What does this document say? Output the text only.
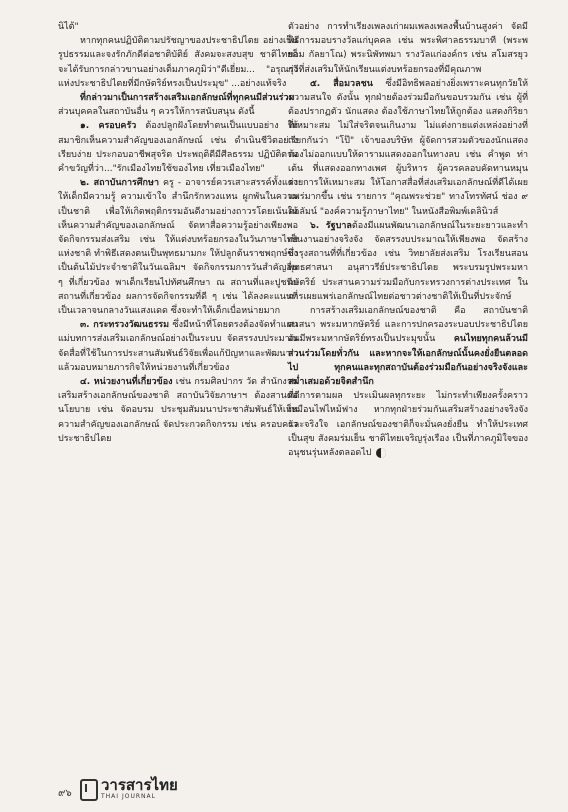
นิไต้"

หากทุกคนปฏิบัติตามปรัชญาของประชาธิปไตย อย่างเป็นรูปธรรมและจงรักภักดีต่อชาติบัติย์ สังคมจะสงบสุข ชาติไทยก็จะได้รับการกล่าวขานอย่างเต็มภาคภูมิว่า"ดีเยี่ยม... "อรุณรุ่งแห่งประชาธิปไตยที่มีกษัตริย์ทรงเป็นประมุข" ...อย่างแท้จริง

ที่กล่าวมาเป็นการสร้างเสริมเอกลักษณ์ที่ทุกคนมีส่วนร่วม ส่วนบุคคลในสถาบันอื่น ๆ ควรให้การสนับสนุน ดังนี้

๑. ครอบครัว ต้องปลูกฝังโดยทำตนเป็นแบบอย่าง ให้สมาชิกเห็นความสำคัญของเอกลักษณ์ เช่น ดำเนินชีวิตอย่างเรียบง่าย ประกอบอาชีพสุจริต ประพฤติดีมีศีลธรรม ปฏิบัติตามคำขวัญที่ว่า..."รักเมืองไทยใช้ของไทย เที่ยวเมืองไทย"

๒. สถาบันการศึกษา ครู - อาจารย์ควรเสาะสรรค์ทั้งแต่งให้เด็กมีความรู้ ความเข้าใจ สำนึกรักหวงแหน ผูกพันในความเป็นชาติ เพื่อให้เกิดพฤติกรรมอันดีงามอย่างถาวรโดยเน้นให้เห็นความสำคัญของเอกลักษณ์ จัดหาสื่อความรู้อย่างเพียงพอ จัดกิจกรรมส่งเสริม เช่น ให้แต่งบทร้อยกรองในวันภาษาไทยแห่งชาติ ทำพิธีเสดงตนเป็นพุทธมามกะ ให้ปลูกต้นราชพฤกษ์ซึ่งเป็นต้นไม้ประจำชาติในวันเฉลิมฯ จัดกิจกรรมการวันสำคัญอื่น ๆ ที่เกี่ยวข้อง พาเด็กเรียนไปทัศนศึกษา ณ สถานที่และปูชนียสถานที่เกี่ยวข้อง ผลการจัดกิจกรรมที่ดี ๆ เช่น ได้ลงคะแนนที่เป็นเวลาจนกลางวันแสงแดด ซึ่งจะทำให้เด็กเบื่อหน่ายมาก

๓. กระทรวงวัฒนธรรม ซึ่งมีหน้าที่โดยตรงต้องจัดทำแผนแม่บทการส่งเสริมเอกลักษณ์อย่างเป็นระบบ จัดสรรงบประมาณ จัดสื่อที่ใช้ในการประสานสัมพันธ์วิจัยเพื่อแก้ปัญหาและพัฒนา แล้วมอบหมายภารกิจให้หน่วยงานที่เกี่ยวข้อง

๔. หน่วยงานที่เกี่ยวข้อง เช่น กรมศิลปากร วัด สำนักงานเสริมสร้างเอกลักษณ์ของชาติ สถาบันวิจัยภาษาฯ ต้องสานต่อนโยบาย เช่น จัดอบรม ประชุมสัมมนาประชาสัมพันธ์ให้เห็นความสำคัญของเอกลักษณ์ จัดประกวดกิจกรรม เช่น ครอบครัวประชาธิปไตย

ตัวอย่าง การทำเรียงเพลงเก่าผมเพลงเพลงพื้นบ้านสูงค่า จัดมีพิธีการมอบรางวัลแก่บุคคล เช่น พระพิศาลธรรมบาที (พระพยอม กัลยาโณ) พระนิพัทพมา รางวัลแก่องค์กร เช่น สโมสรยุวกวีที่ส่งเสริมให้นักเรียนแต่งบทร้อยกรองที่มีคุณภาพ

๕. สื่อมวลชน ซึ่งมีอิทธิพลอย่างยิ่งเพราะคนทุกวัยให้ความสนใจ ดังนั้น ทุกฝ่ายต้องร่วมมือกันขอบรวมกัน เช่น ผู้ที่ต้องปรากฏตัว นักแสดง ต้องใช้ภาษาไทยให้ถูกต้อง แสดงกิริยาที่เหมาะสม ไม่ใส่จริตจนเกินงาม ไม่แต่งกายแต่งเหล่งอย่างที่เรียกกันว่า "โป๊" เจ้าของบริษัท ผู้จัดการสวมตัวของนักแสดงต้องไม่ออกแบบให้ดารามแสดงออกในทางลบ เช่น คำพูด ท่าเต้น ที่แสดงออกทางเพศ ผู้บริหาร ผู้ควรคลอบคัดทานหมุนรายการให้เหมาะสม ให้โอกาสสื่อที่ส่งเสริมเอกลักษณ์ที่ดีได้เผยแพร่มากขึ้น เช่น รายการ "คุณพระช่วย" ทางโทรทัศน์ ช่อง ๙ คอลัมน์ "องค์ความรู้ภาษาไทย" ในหนังสือพิมพ์เดลินิวส์

๖. รัฐบาลต้องมีแผนพัฒนาเอกลักษณ์ในระยะยาวและทำเป็นงานอย่างจริงจัง จัดสรรงบประมาณให้เพียงพอ จัดสร้างบำรุงสถานที่ที่เกี่ยวข้อง เช่น วิทยาลัยส่งเสริม โรงเรียนสอนพุทธศาสนา อนุสาวรีย์ประชาธิปไตย พระบรมรูปพระมหากษัตริย์ ประสานความร่วมมือกับกระทรวงการต่างประเทศ ในการเผยแพร่เอกลักษณ์ไทยต่อชาวต่างชาติให้เป็นที่ประจักษ์

การสร้างเสริมเอกลักษณ์ของชาติ คือ สถาบันชาติ ศาสนา พระมหากษัตริย์ และการปกครองระบอบประชาธิปไตยอันมีพระมหากษัตริย์ทรงเป็นประมุขนั้น คนไทยทุกคนล้วนมีส่วนร่วมโดยทั่วกัน และหากจะให้เอกลักษณ์นั้นคงยั่งยืนตลอดไป ทุกคนและทุกสถาบันต้องร่วมมือกันอย่างจริงจังและสม่ำเสมอด้วยจิตสำนึก

ที่ดีการตามผล ประเมินผลทุกระยะ ไม่กระทำเพียงครั้งคราวเหมือนไฟไหม้ฟาง หากทุกฝ่ายร่วมกันเสริมสร้างอย่างจริงจังและจริงใจ เอกลักษณ์ของชาติก็จะมั่นคงยั่งยืน ทำให้ประเทศเป็นสุข สังคมร่มเย็น ชาติไทยเจริญรุ่งเรือง เป็นที่ภาคภูมิใจของอนุชนรุ่นหลังตลอดไป

๙๖ วารสารไทย
THAI JOURNAL
